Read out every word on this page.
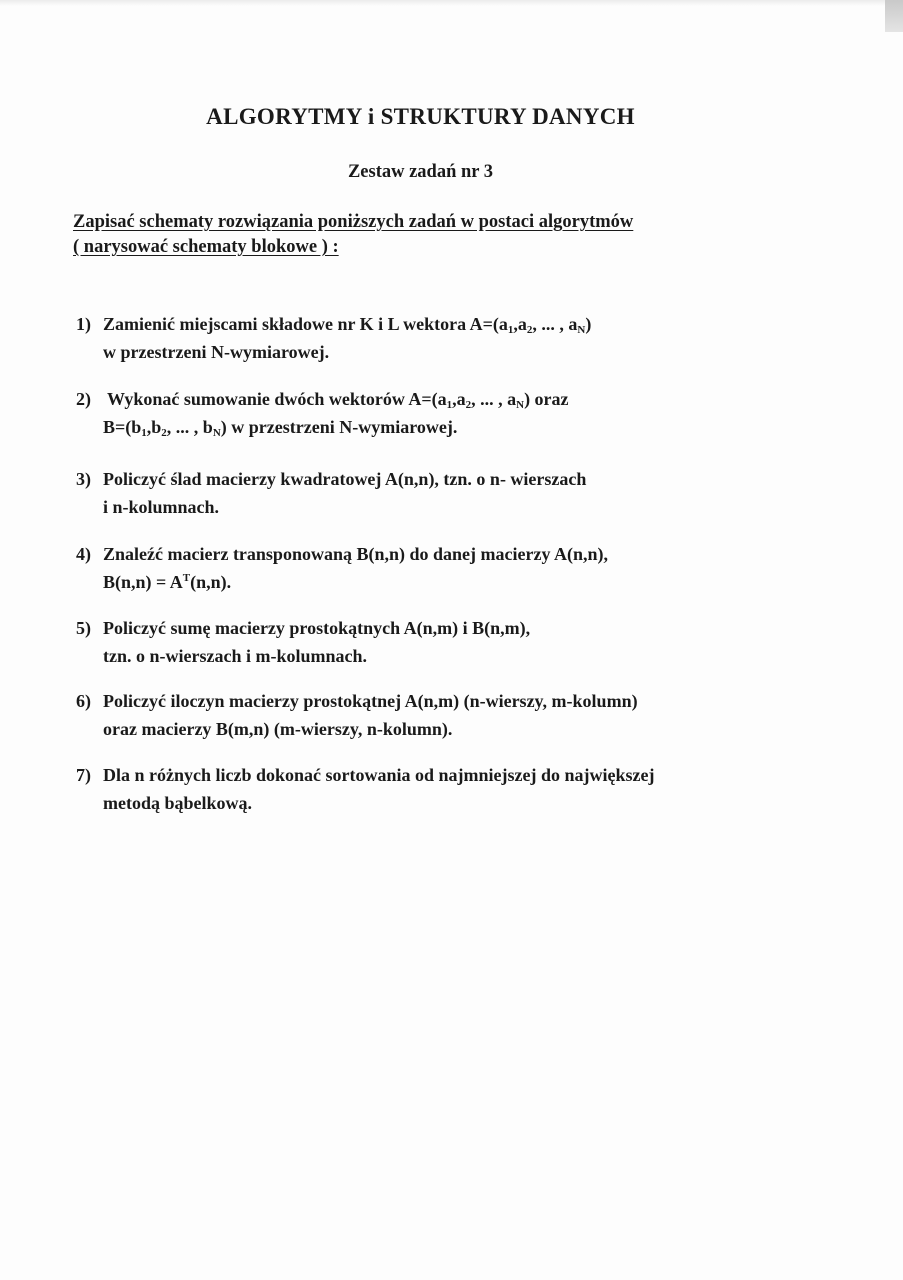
ALGORYTMY i STRUKTURY DANYCH
Zestaw zadań nr 3

Zapisać schematy rozwiązania poniższych zadań w postaci algorytmów
( narysować schematy blokowe ) :

1) Zamienić miejscami składowe nr K i L wektora $A=(a_1,a_2$, ... , $a_N$)
w przestrzeni N-wymiarowej.
2) Wykonać sumowanie dwóch wektorów $A=(a_1,a_2$, ... , $a_N$) oraz
$B=(b_1,b_2$, ... , $b_N$) w przestrzeni N-wymiarowej.
3) Policzyć ślad macierzy kwadratowej A(n,n), tzn. o n- wierszach
i n-kolumnach.
4) Znaleźć macierz transponowaną B(n,n) do danej macierzy A(n,n),
$B(n,n) = A^T(n,n)$.
5) Policzyć sumę macierzy prostokątnych A(n,m) i B(n,m),
tzn. o n-wierszach i m-kolumnach.
6) Policzyć iloczyn macierzy prostokątnej A(n,m) (n-wierszy, m-kolumn)
oraz macierzy B(m,n) (m-wierszy, n-kolumn).
7) Dla n różnych liczb dokonać sortowania od najmniejszej do największej
metodą bąbelkową.
